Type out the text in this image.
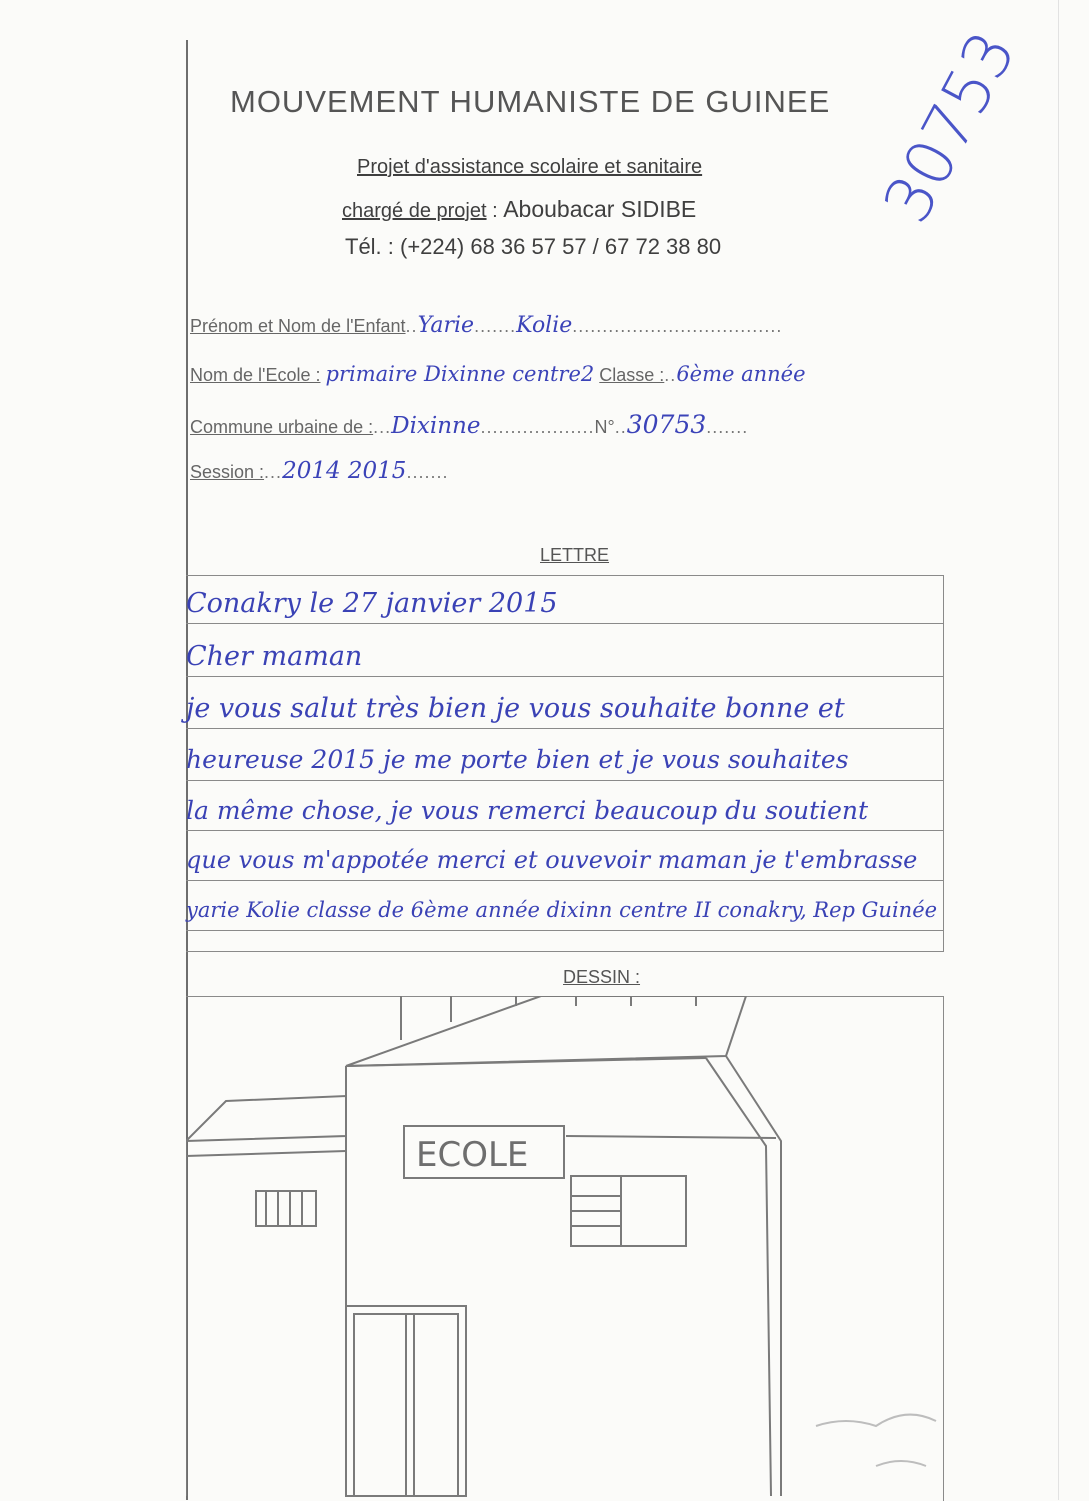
MOUVEMENT HUMANISTE DE GUINEE
Projet d'assistance scolaire et sanitaire
chargé de projet : Aboubacar SIDIBE
Tél. : (+224) 68 36 57 57 / 67 72 38 80
30753
Prénom et Nom de l'Enfant..Yarie.......Kolie...................................
Nom de l'Ecole : primaire Dixinne centre2 Classe :..6ème année
Commune urbaine de :...Dixinne...................N°..30753.......
Session :...2014 2015.......
LETTRE
Conakry le 27 janvier 2015
Cher maman
je vous salut très bien je vous souhaite bonne et
heureuse 2015 je me porte bien et je vous souhaites
la même chose, je vous remerci beaucoup du soutient
que vous m'appotée merci et ouvevoir maman je t'embrasse
yarie Kolie classe de 6ème année dixinn centre II conakry, Rep Guinée
DESSIN :
ECOLE
